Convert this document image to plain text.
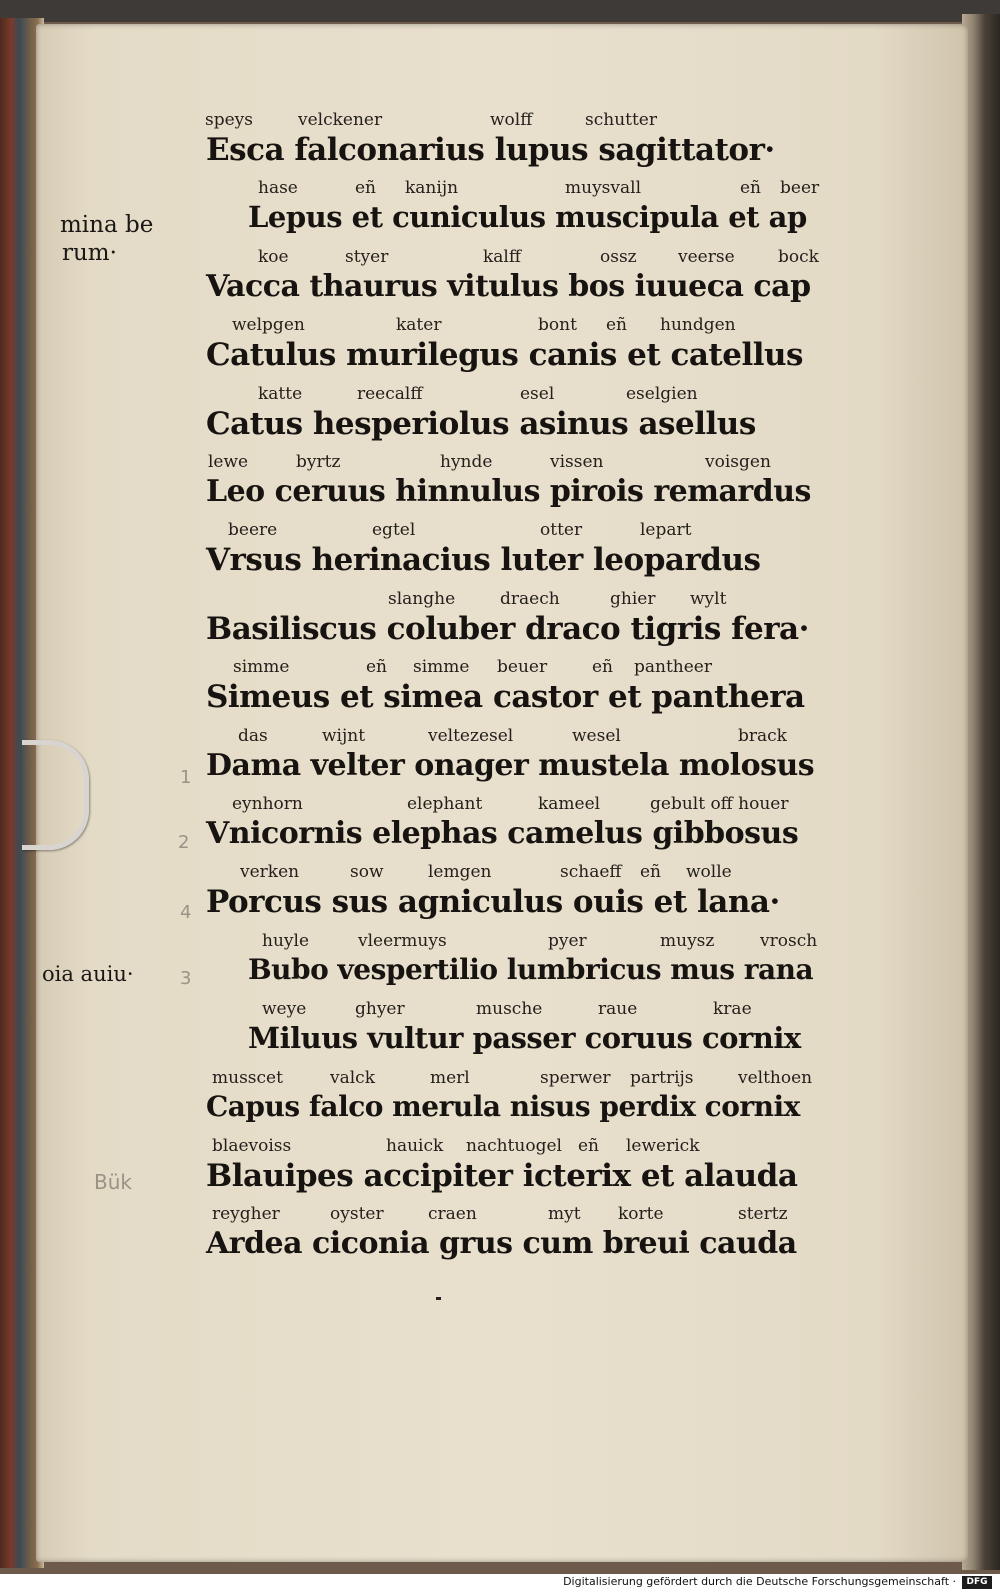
mina be
rum·
oia auiu·
1
2
4
3
Bük
speys	velckener	wolff	schutter
Esca falconarius lupus sagittator·
hase	eñ kanijn	muysvall	eñ beer
Lepus et cuniculus muscipula et ap
koe	styer	kalff	ossz veerse	bock
Vacca thaurus vitulus bos iuueca cap
welpgen	kater	bont eñ hundgen
Catulus murilegus canis et catellus
katte	reecalff	esel	eselgien
Catus hesperiolus asinus asellus
lewe	byrtz	hynde	vissen	voisgen
Leo ceruus hinnulus pirois remardus
beere	egtel	otter	lepart
Vrsus herinacius luter leopardus
slanghe	draech	ghier wylt
Basiliscus coluber draco tigris fera·
simme	eñ simme beuer	eñ pantheer
Simeus et simea castor et panthera
das	wijnt	veltezesel	wesel	brack
Dama velter onager mustela molosus
eynhorn	elephant	kameel	gebult off houer
Vnicornis elephas camelus gibbosus
verken	sow	lemgen	schaeff eñ wolle
Porcus sus agniculus ouis et lana·
huyle	vleermuys	pyer	muysz	vrosch
Bubo vespertilio lumbricus mus rana
weye	ghyer	musche	raue	krae
Miluus vultur passer coruus cornix
musscet	valck	merl	sperwer partrijs	velthoen
Capus falco merula nisus perdix cornix
blaevoiss	hauick nachtuogel eñ lewerick
Blauipes accipiter icterix et alauda
reygher	oyster	craen	myt korte	stertz
Ardea ciconia grus cum breui cauda
Digitalisierung gefördert durch die Deutsche Forschungsgemeinschaft ·	DFG
